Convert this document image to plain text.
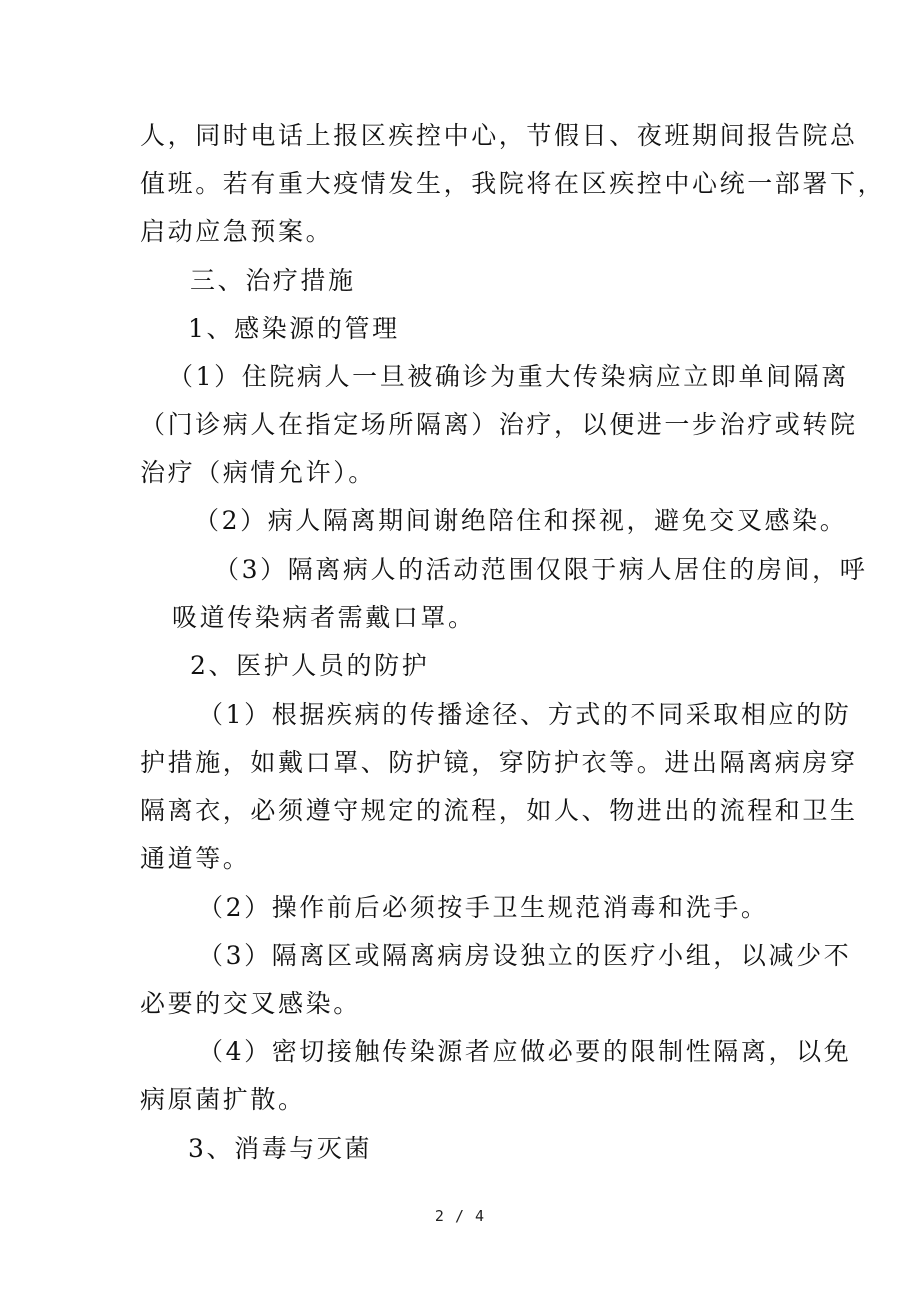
人，同时电话上报区疾控中心，节假日、夜班期间报告院总
值班。若有重大疫情发生，我院将在区疾控中心统一部署下，
启动应急预案。
三、治疗措施
1、感染源的管理
（1）住院病人一旦被确诊为重大传染病应立即单间隔离
（门诊病人在指定场所隔离）治疗，以便进一步治疗或转院
治疗（病情允许）。
（2）病人隔离期间谢绝陪住和探视，避免交叉感染。
（3）隔离病人的活动范围仅限于病人居住的房间，呼
吸道传染病者需戴口罩。
2、医护人员的防护
（1）根据疾病的传播途径、方式的不同采取相应的防
护措施，如戴口罩、防护镜，穿防护衣等。进出隔离病房穿
隔离衣，必须遵守规定的流程，如人、物进出的流程和卫生
通道等。
（2）操作前后必须按手卫生规范消毒和洗手。
（3）隔离区或隔离病房设独立的医疗小组，以减少不
必要的交叉感染。
（4）密切接触传染源者应做必要的限制性隔离，以免
病原菌扩散。
3、消毒与灭菌
2 / 4
